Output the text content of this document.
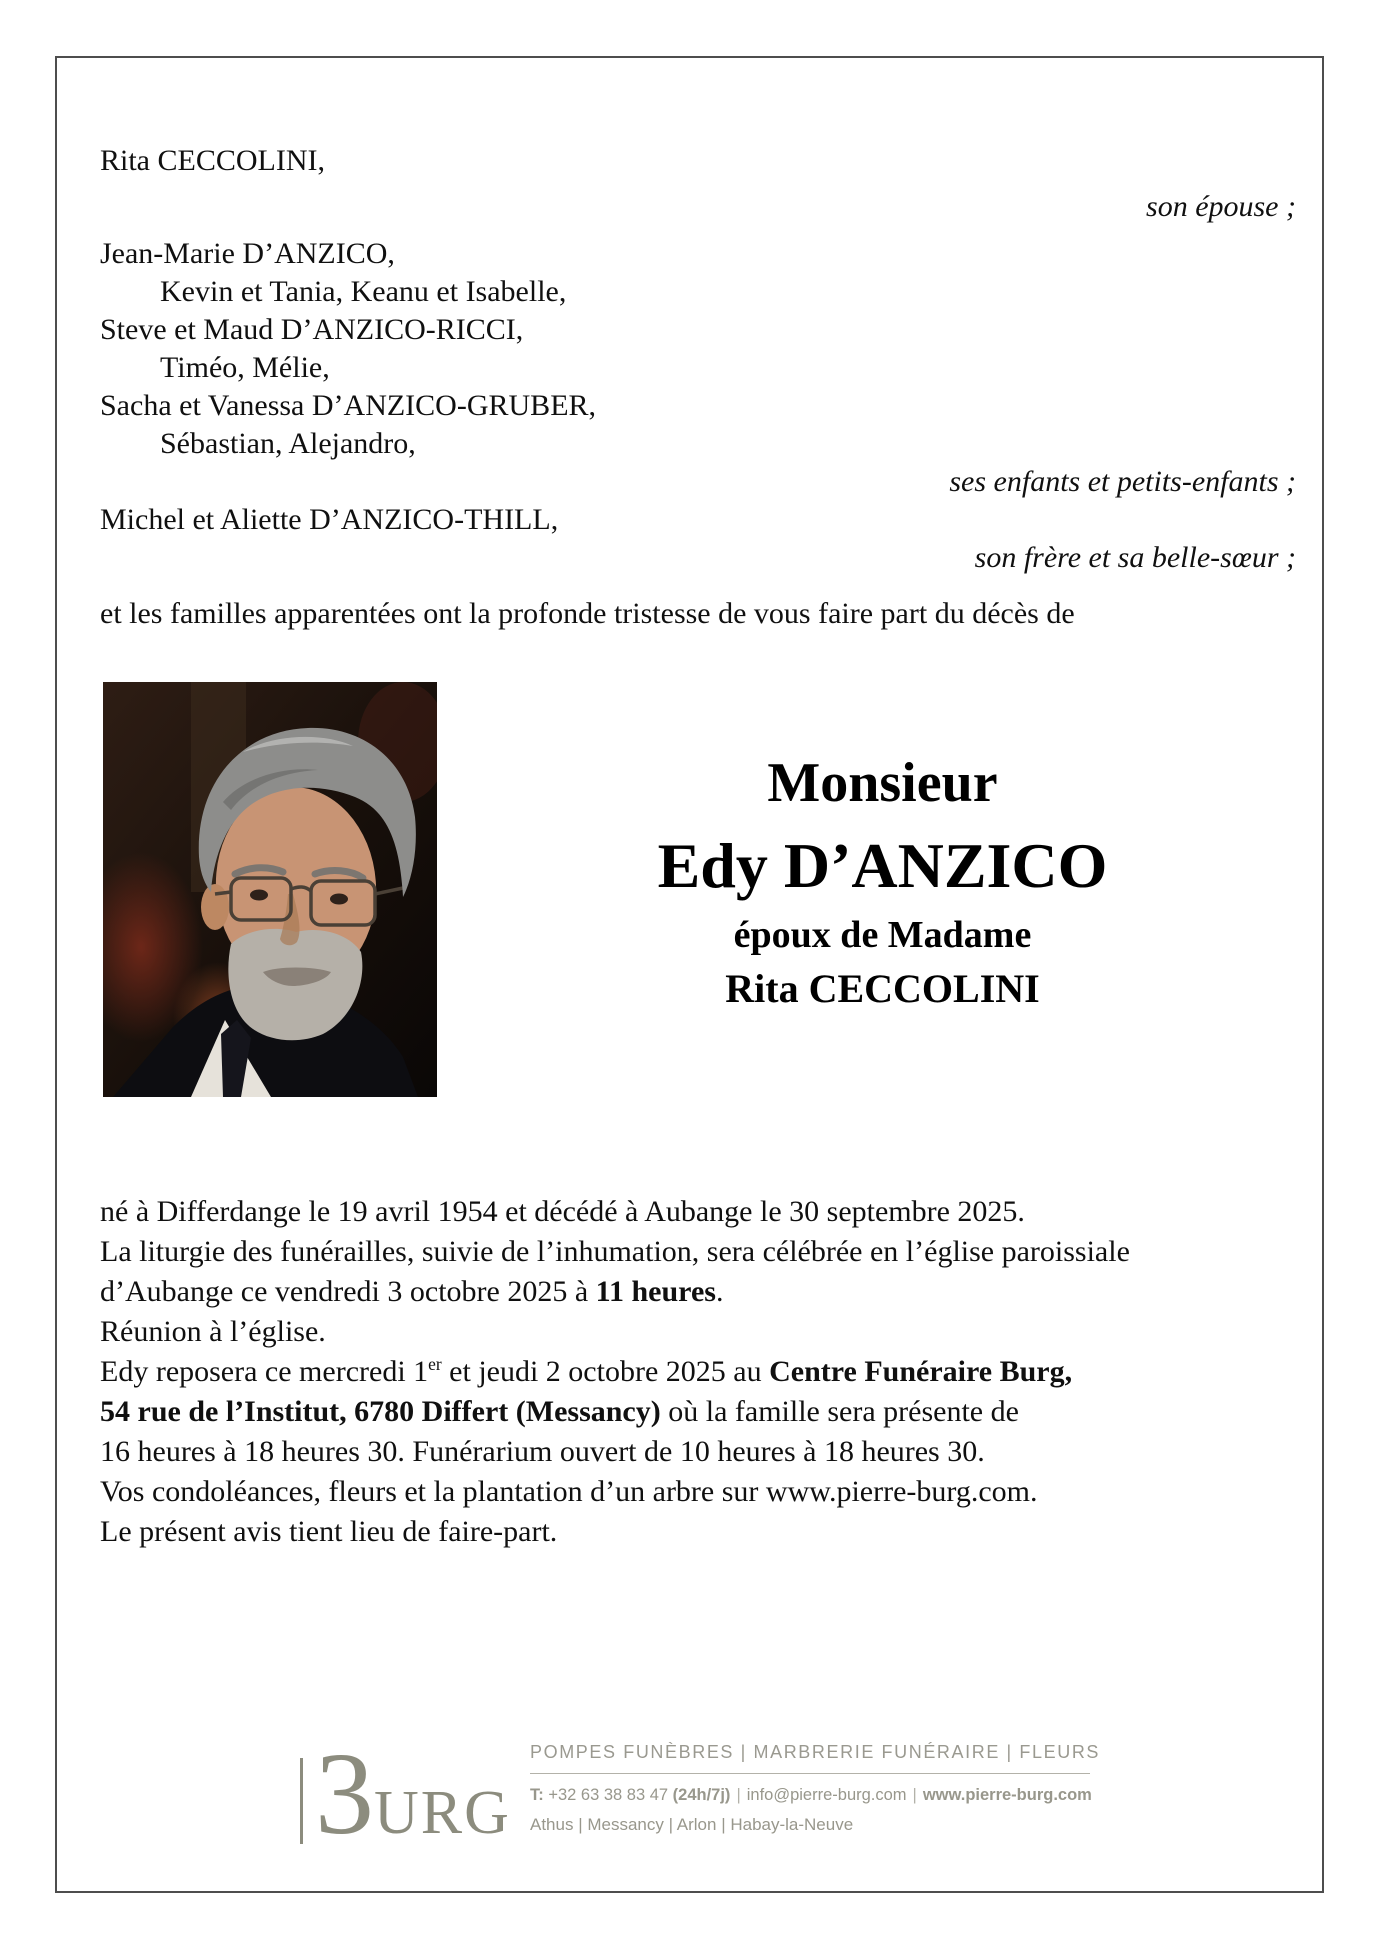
Rita CECCOLINI,
son épouse ;
Jean-Marie D’ANZICO,
Kevin et Tania, Keanu et Isabelle,
Steve et Maud D’ANZICO-RICCI,
Timéo, Mélie,
Sacha et Vanessa D’ANZICO-GRUBER,
Sébastian, Alejandro,
ses enfants et petits-enfants ;
Michel et Aliette D’ANZICO-THILL,
son frère et sa belle-sœur ;
et les familles apparentées ont la profonde tristesse de vous faire part du décès de
Monsieur
Edy D’ANZICO
époux de Madame
Rita CECCOLINI

né à Differdange le 19 avril 1954 et décédé à Aubange le 30 septembre 2025.

La liturgie des funérailles, suivie de l’inhumation, sera célébrée en l’église paroissiale
d’Aubange ce vendredi 3 octobre 2025 à 11 heures.

Réunion à l’église.

Edy reposera ce mercredi 1er et jeudi 2 octobre 2025 au Centre Funéraire Burg,
54 rue de l’Institut, 6780 Differt (Messancy) où la famille sera présente de
16 heures à 18 heures 30. Funérarium ouvert de 10 heures à 18 heures 30.

Vos condoléances, fleurs et la plantation d’un arbre sur www.pierre-burg.com.

Le présent avis tient lieu de faire-part.

3 URG
POMPES FUNÈBRES | MARBRERIE FUNÉRAIRE | FLEURS
T: +32 63 38 83 47 (24h/7j) | info@pierre-burg.com | www.pierre-burg.com
Athus | Messancy | Arlon | Habay-la-Neuve
